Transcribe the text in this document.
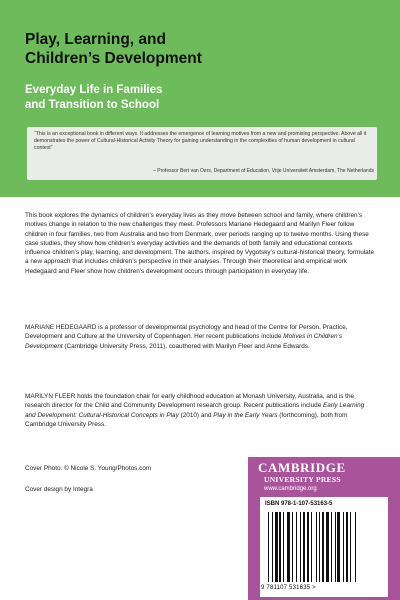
Play, Learning, and
Children’s Development
Everyday Life in Families
and Transition to School
“This is an exceptional book in different ways. It addresses the emergence of learning motives from a new and promising perspective. Above all it demonstrates the power of Cultural-Historical Activity Theory for gaining understanding in the complexities of human development in cultural context”
– Professor Bert van Oers, Department of Education, Vrije Universiteit Amsterdam, The Netherlands
This book explores the dynamics of children’s everyday lives as they move between school and family, where children’s motives change in relation to the new challenges they meet. Professors Mariane Hedegaard and Marilyn Fleer follow children in four families, two from Australia and two from Denmark, over periods ranging up to twelve months. Using these case studies, they show how children’s everyday activities and the demands of both family and educational contexts influence children’s play, learning, and development. The authors, inspired by Vygotsky’s cultural-historical theory, formulate a new approach that includes children’s perspective in their analyses. Through their theoretical and empirical work Hedegaard and Fleer show how children’s development occurs through participation in everyday life.
MARIANE HEDEGAARD is a professor of developmental psychology and head of the Centre for Person, Practice, Development and Culture at the University of Copenhagen. Her recent publications include Motives in Children’s Development (Cambridge University Press, 2011), coauthored with Marilyn Fleer and Anne Edwards.
MARILYN FLEER holds the foundation chair for early childhood education at Monash University, Australia, and is the research director for the Child and Community Development research group. Recent publications include Early Learning and Development: Cultural-Historical Concepts in Play (2010) and Play in the Early Years (forthcoming), both from Cambridge University Press.
Cover Photo: © Nicole S. Young/Photos.com
Cover design by Integra
CAMBRIDGE
UNIVERSITY PRESS
www.cambridge.org
ISBN 978-1-107-53163-5
9 781107 531635 >
